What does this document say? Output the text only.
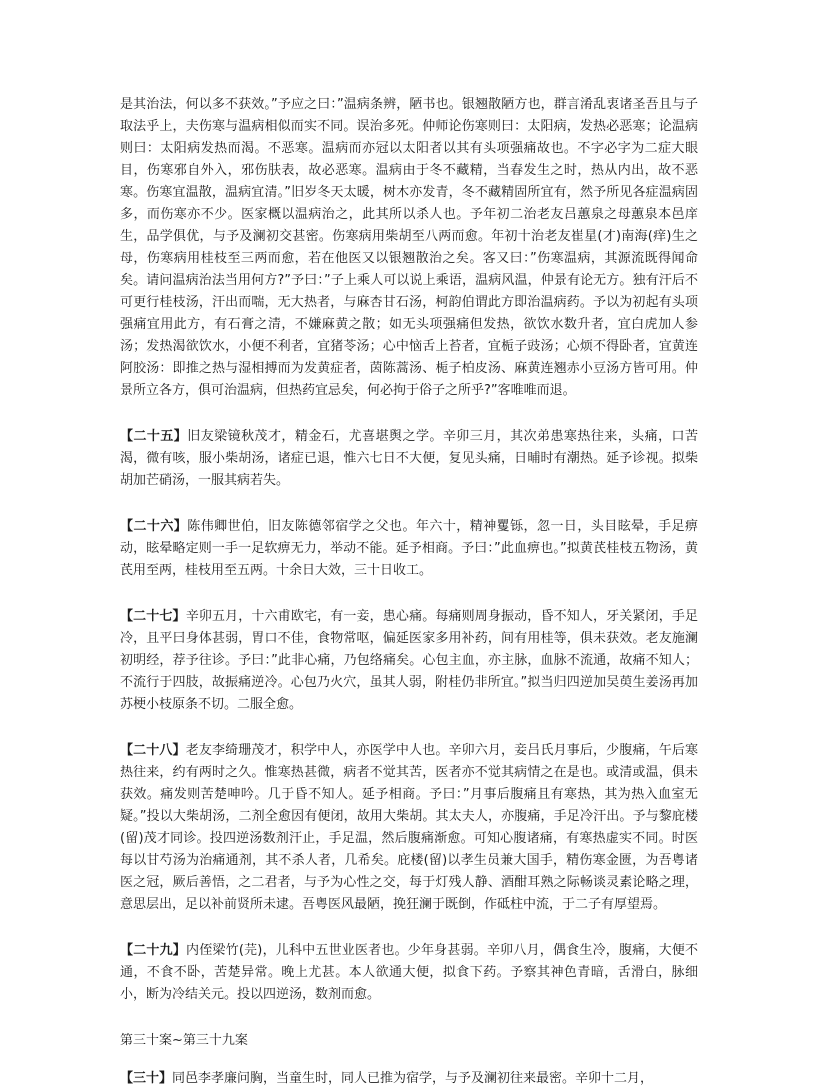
是其治法，何以多不获效。”予应之曰：”温病条辨，陋书也。银翘散陋方也，群言淆乱衷诸圣吾且与子取法乎上，夫伤寒与温病相似而实不同。误治多死。仲师论伤寒则曰：太阳病，发热必恶寒；论温病则曰：太阳病发热而渴。不恶寒。温病而亦冠以太阳者以其有头项强痛故也。不字必字为二症大眼目，伤寒邪自外入，邪伤肤表，故必恶寒。温病由于冬不藏精，当春发生之时，热从内出，故不恶寒。伤寒宜温散，温病宜清。”旧岁冬天太暖，树木亦发青，冬不藏精固所宜有，然予所见各症温病固多，而伤寒亦不少。医家概以温病治之，此其所以杀人也。予年初二治老友吕蕙泉之母蕙泉本邑庠生，品学俱优，与予及澜初交甚密。伤寒病用柴胡至八两而愈。年初十治老友崔星(才)南海(痒)生之母，伤寒病用桂枝至三两而愈，若在他医又以银翘散治之矣。客又曰：”伤寒温病，其源流既得闻命矣。请问温病治法当用何方?”予曰：”子上乘人可以说上乘语，温病风温，仲景有论无方。独有汗后不可更行桂枝汤，汗出而喘，无大热者，与麻杏甘石汤，柯韵伯谓此方即治温病药。予以为初起有头项强痛宜用此方，有石膏之清，不嫌麻黄之散；如无头项强痛但发热，欲饮水数升者，宜白虎加人参汤；发热渴欲饮水，小便不利者，宜猪苓汤；心中恼舌上苔者，宜栀子豉汤；心烦不得卧者，宜黄连阿胶汤：即推之热与湿相搏而为发黄症者，茵陈蒿汤、栀子柏皮汤、麻黄连翘赤小豆汤方皆可用。仲景所立各方，俱可治温病，但热药宜忌矣，何必拘于俗子之所乎?”客唯唯而退。

【二十五】旧友梁镜秋茂才，精金石，尤喜堪舆之学。辛卯三月，其次弟患寒热往来，头痛，口苦渴，微有咳，服小柴胡汤，诸症已退，惟六七日不大便，复见头痛，日晡时有潮热。延予诊视。拟柴胡加芒硝汤，一服其病若失。

【二十六】陈伟卿世伯，旧友陈德邻宿学之父也。年六十，精神矍铄，忽一日，头目眩晕，手足痹动，眩晕略定则一手一足软痹无力，举动不能。延予相商。予曰：”此血痹也。”拟黄芪桂枝五物汤，黄芪用至两，桂枝用至五两。十余日大效，三十日收工。

【二十七】辛卯五月，十六甫欧宅，有一妾，患心痛。每痛则周身振动，昏不知人，牙关紧闭，手足冷，且平曰身体甚弱，胃口不佳，食物常呕，偏延医家多用补药，间有用桂等，俱未获效。老友施澜初明经，荐予往诊。予曰：”此非心痛，乃包络痛矣。心包主血，亦主脉，血脉不流通，故痛不知人；不流行于四肢，故振痛逆冷。心包乃火穴，虽其人弱，附桂仍非所宜。”拟当归四逆加吴萸生姜汤再加苏梗小枝原条不切。二服全愈。

【二十八】老友李绮珊茂才，积学中人，亦医学中人也。辛卯六月，妾吕氏月事后，少腹痛，午后寒热往来，约有两时之久。惟寒热甚微，病者不觉其苦，医者亦不觉其病情之在是也。或清或温，俱未获效。痛发则苦楚呻吟。几于昏不知人。延予相商。予曰：”月事后腹痛且有寒热，其为热入血室无疑。”投以大柴胡汤，二剂全愈因有便闭，故用大柴胡。其太夫人，亦腹痛，手足冷汗出。予与黎庇楼(留)茂才同诊。投四逆汤数剂汗止，手足温，然后腹痛渐愈。可知心腹诸痛，有寒热虚实不同。时医每以甘芍汤为治痛通剂，其不杀人者，几希矣。庇楼(留)以孝生员兼大国手，精伤寒金匮，为吾粤诸医之冠，厥后善悟，之二君者，与予为心性之交，每于灯残人静、酒酣耳熟之际畅谈灵素论略之理，意思层出，足以补前贤所未逮。吾粤医风最陋，挽狂澜于既倒，作砥柱中流，于二子有厚望焉。

【二十九】内侄梁竹(芫)，儿科中五世业医者也。少年身甚弱。辛卯八月，偶食生冷，腹痛，大便不通，不食不卧，苦楚异常。晚上尤甚。本人欲通大便，拟食下药。予察其神色青暗，舌滑白，脉细小，断为冷结关元。投以四逆汤，数剂而愈。

第三十案~第三十九案

【三十】同邑李孝廉问胸，当童生时，同人已推为宿学，与予及澜初往来最密。辛卯十二月，
